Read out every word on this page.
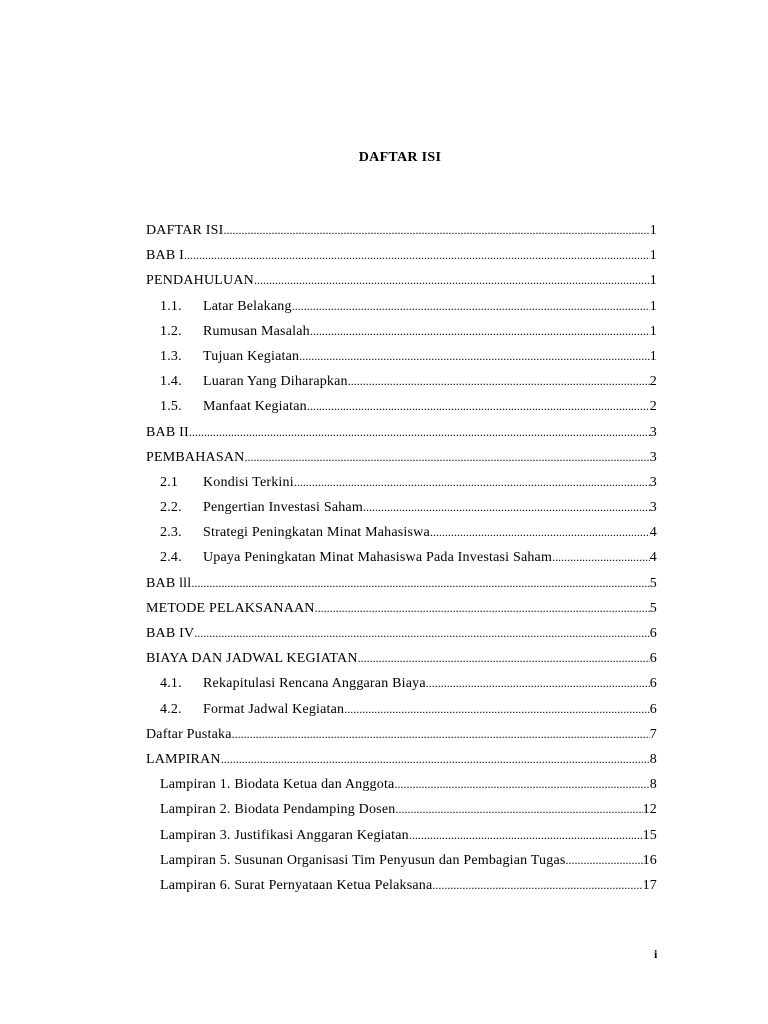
DAFTAR ISI
DAFTAR ISI .....	1
BAB I .....	1
PENDAHULUAN .....	1
1.1.	Latar Belakang .....	1
1.2.	Rumusan Masalah .....	1
1.3.	Tujuan Kegiatan .....	1
1.4.	Luaran Yang Diharapkan .....	2
1.5.	Manfaat Kegiatan .....	2
BAB II .....	3
PEMBAHASAN .....	3
2.1	Kondisi Terkini .....	3
2.2.	Pengertian Investasi Saham .....	3
2.3.	Strategi Peningkatan Minat Mahasiswa .....	4
2.4.	Upaya Peningkatan Minat Mahasiswa Pada Investasi Saham .....	4
BAB lll .....	5
METODE PELAKSANAAN .....	5
BAB IV .....	6
BIAYA DAN JADWAL KEGIATAN .....	6
4.1.	Rekapitulasi Rencana Anggaran Biaya .....	6
4.2.	Format Jadwal Kegiatan .....	6
Daftar Pustaka .....	7
LAMPIRAN .....	8
Lampiran 1. Biodata Ketua dan Anggota .....	8
Lampiran 2. Biodata Pendamping Dosen .....	12
Lampiran 3. Justifikasi Anggaran Kegiatan .....	15
Lampiran 5. Susunan Organisasi Tim Penyusun dan Pembagian Tugas .....	16
Lampiran 6. Surat Pernyataan Ketua Pelaksana .....	17
i
